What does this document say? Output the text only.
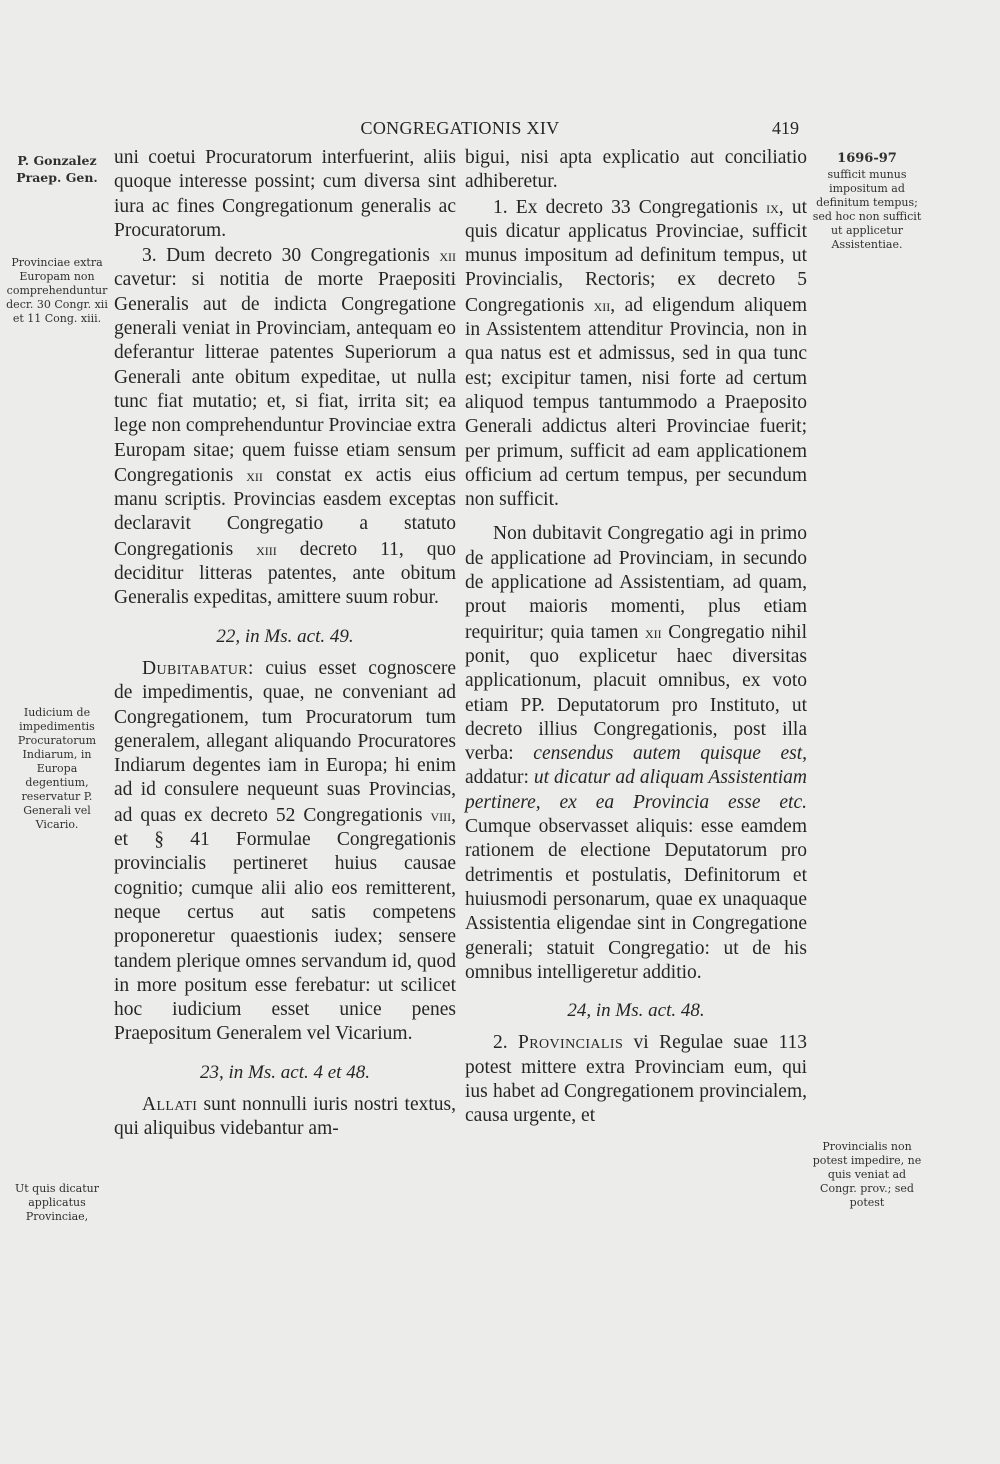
CONGREGATIONIS XIV	419
P. Gonzalez Praep. Gen.
Provinciae extra Europam non comprehenduntur decr. 30 Congr. xii et 11 Cong. xiii.
Iudicium de impedimentis Procuratorum Indiarum, in Europa degentium, reservatur P. Generali vel Vicario.
Ut quis dicatur applicatus Provinciae,
1696-97
sufficit munus impositum ad definitum tempus; sed hoc non sufficit ut applicetur Assistentiae.
Provincialis non potest impedire, ne quis veniat ad Congr. prov.; sed potest

uni coetui Procuratorum interfuerint, aliis quoque interesse possint; cum diversa sint iura ac fines Congregationum generalis ac Procuratorum.

3. Dum decreto 30 Congregationis xii cavetur: si notitia de morte Praepositi Generalis aut de indicta Congregatione generali veniat in Provinciam, antequam eo deferantur litterae patentes Superiorum a Generali ante obitum expeditae, ut nulla tunc fiat mutatio; et, si fiat, irrita sit; ea lege non comprehenduntur Provinciae extra Europam sitae; quem fuisse etiam sensum Congregationis xii constat ex actis eius manu scriptis. Provincias easdem exceptas declaravit Congregatio a statuto Congregationis xiii decreto 11, quo deciditur litteras patentes, ante obitum Generalis expeditas, amittere suum robur.

22, in Ms. act. 49.

Dubitabatur: cuius esset cognoscere de impedimentis, quae, ne conveniant ad Congregationem, tum Procuratorum tum generalem, allegant aliquando Procuratores Indiarum degentes iam in Europa; hi enim ad id consulere nequeunt suas Provincias, ad quas ex decreto 52 Congregationis viii, et § 41 Formulae Congregationis provincialis pertineret huius causae cognitio; cumque alii alio eos remitterent, neque certus aut satis competens proponeretur quaestionis iudex; sensere tandem plerique omnes servandum id, quod in more positum esse ferebatur: ut scilicet hoc iudicium esset unice penes Praepositum Generalem vel Vicarium.

23, in Ms. act. 4 et 48.

Allati sunt nonnulli iuris nostri textus, qui aliquibus videbantur am-

bigui, nisi apta explicatio aut conciliatio adhiberetur.

1. Ex decreto 33 Congregationis ix, ut quis dicatur applicatus Provinciae, sufficit munus impositum ad definitum tempus, ut Provincialis, Rectoris; ex decreto 5 Congregationis xii, ad eligendum aliquem in Assistentem attenditur Provincia, non in qua natus est et admissus, sed in qua tunc est; excipitur tamen, nisi forte ad certum aliquod tempus tantummodo a Praeposito Generali addictus alteri Provinciae fuerit; per primum, sufficit ad eam applicationem officium ad certum tempus, per secundum non sufficit.

Non dubitavit Congregatio agi in primo de applicatione ad Provinciam, in secundo de applicatione ad Assistentiam, ad quam, prout maioris momenti, plus etiam requiritur; quia tamen xii Congregatio nihil ponit, quo explicetur haec diversitas applicationum, placuit omnibus, ex voto etiam PP. Deputatorum pro Instituto, ut decreto illius Congregationis, post illa verba: censendus autem quisque est, addatur: ut dicatur ad aliquam Assistentiam pertinere, ex ea Provincia esse etc. Cumque observasset aliquis: esse eamdem rationem de electione Deputatorum pro detrimentis et postulatis, Definitorum et huiusmodi personarum, quae ex unaquaque Assistentia eligendae sint in Congregatione generali; statuit Congregatio: ut de his omnibus intelligeretur additio.

24, in Ms. act. 48.

2. Provincialis vi Regulae suae 113 potest mittere extra Provinciam eum, qui ius habet ad Congregationem provincialem, causa urgente, et
